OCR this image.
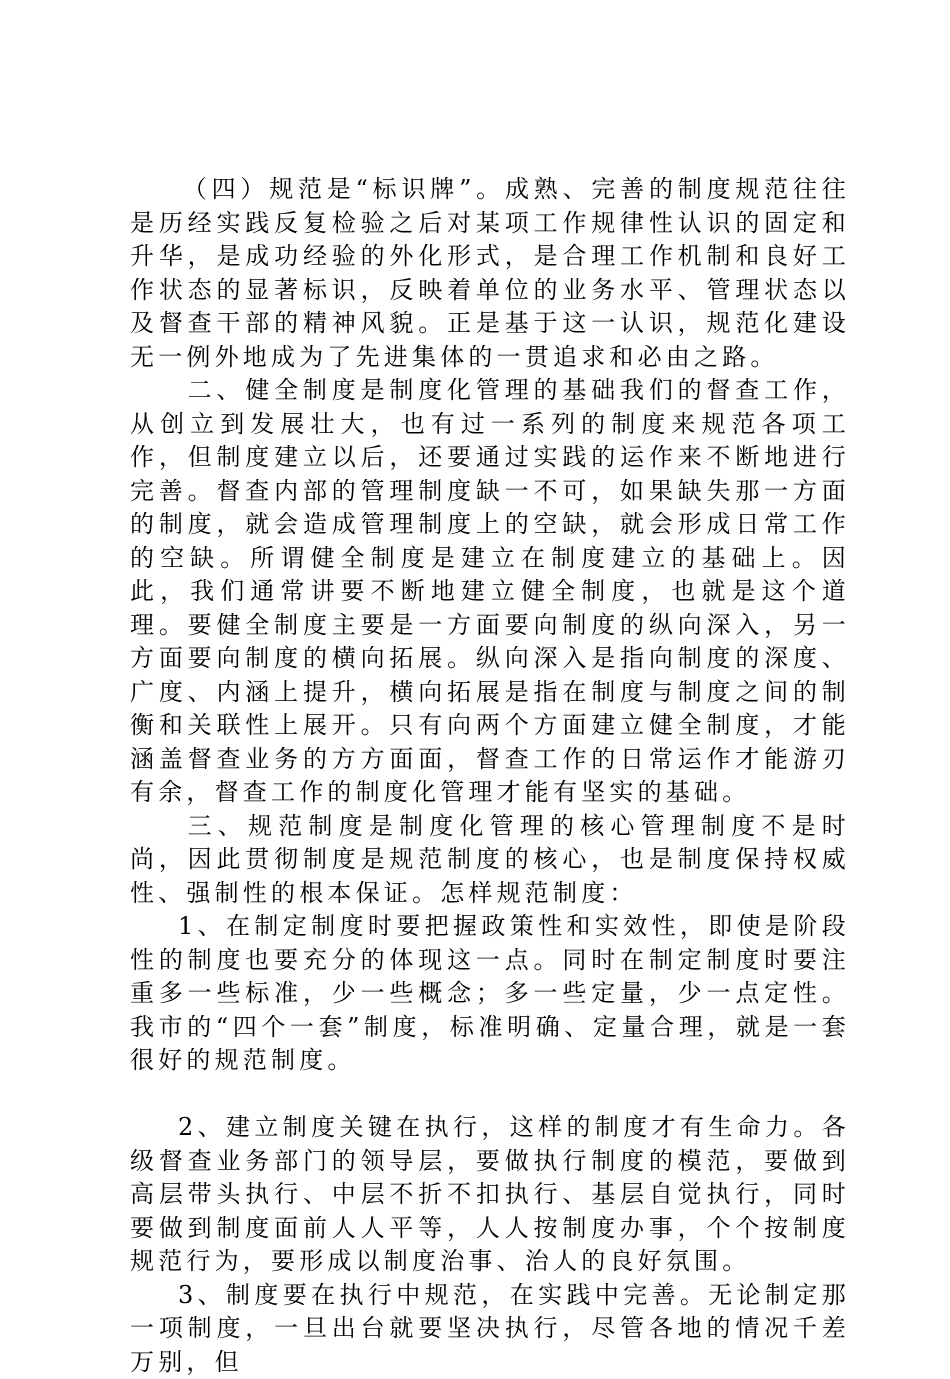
（四）规范是“标识牌”。成熟、完善的制度规范往往是历经实践反复检验之后对某项工作规律性认识的固定和升华，是成功经验的外化形式，是合理工作机制和良好工作状态的显著标识，反映着单位的业务水平、管理状态以及督查干部的精神风貌。正是基于这一认识，规范化建设无一例外地成为了先进集体的一贯追求和必由之路。

二、健全制度是制度化管理的基础我们的督查工作，从创立到发展壮大，也有过一系列的制度来规范各项工作，但制度建立以后，还要通过实践的运作来不断地进行完善。督查内部的管理制度缺一不可，如果缺失那一方面的制度，就会造成管理制度上的空缺，就会形成日常工作的空缺。所谓健全制度是建立在制度建立的基础上。因此，我们通常讲要不断地建立健全制度，也就是这个道理。要健全制度主要是一方面要向制度的纵向深入，另一方面要向制度的横向拓展。纵向深入是指向制度的深度、广度、内涵上提升，横向拓展是指在制度与制度之间的制衡和关联性上展开。只有向两个方面建立健全制度，才能涵盖督查业务的方方面面，督查工作的日常运作才能游刃有余，督查工作的制度化管理才能有坚实的基础。

三、规范制度是制度化管理的核心管理制度不是时尚，因此贯彻制度是规范制度的核心，也是制度保持权威性、强制性的根本保证。怎样规范制度：

1、在制定制度时要把握政策性和实效性，即使是阶段性的制度也要充分的体现这一点。同时在制定制度时要注重多一些标准，少一些概念；多一些定量，少一点定性。我市的“四个一套”制度，标准明确、定量合理，就是一套很好的规范制度。

2、建立制度关键在执行，这样的制度才有生命力。各级督查业务部门的领导层，要做执行制度的模范，要做到高层带头执行、中层不折不扣执行、基层自觉执行，同时要做到制度面前人人平等，人人按制度办事，个个按制度规范行为，要形成以制度治事、治人的良好氛围。

3、制度要在执行中规范，在实践中完善。无论制定那一项制度，一旦出台就要坚决执行，尽管各地的情况千差万别，但
